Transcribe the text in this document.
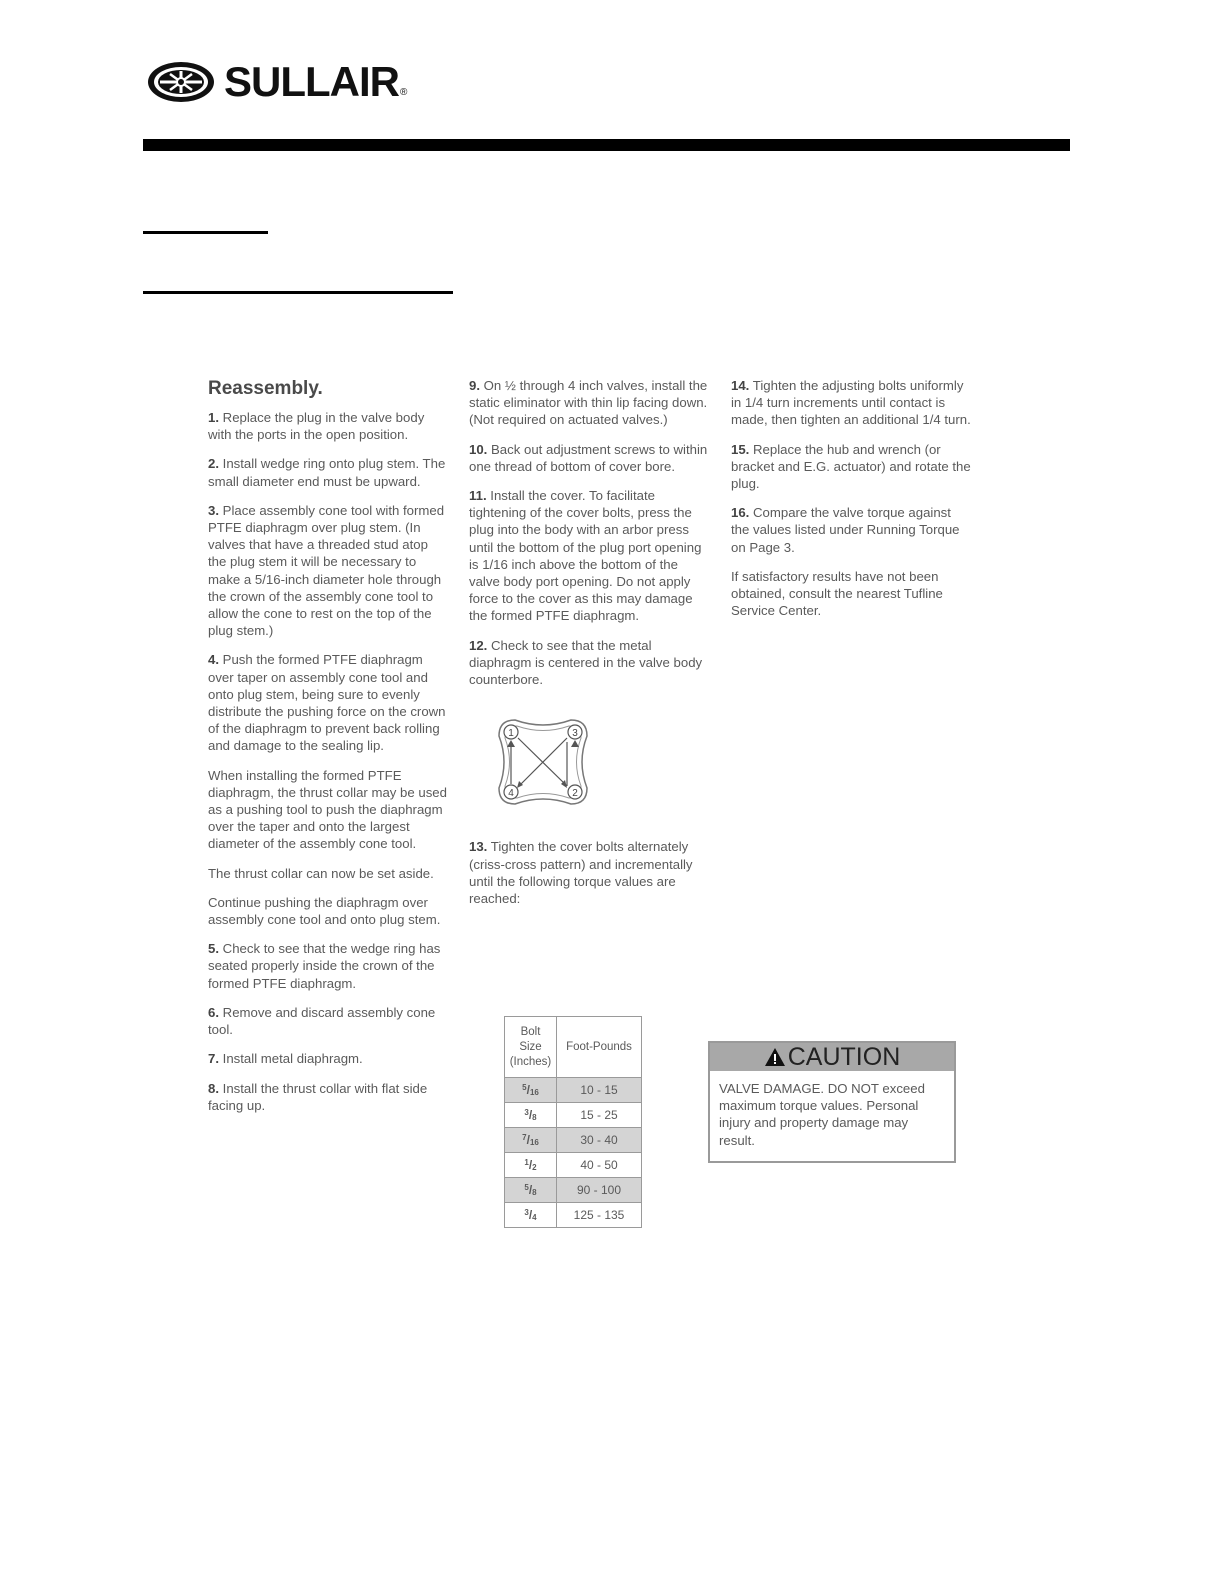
SULLAIR ®
Reassembly.

1. Replace the plug in the valve body with the ports in the open position.

2. Install wedge ring onto plug stem. The small diameter end must be upward.

3. Place assembly cone tool with formed PTFE diaphragm over plug stem. (In valves that have a threaded stud atop the plug stem it will be necessary to make a 5/16-inch diameter hole through the crown of the assembly cone tool to allow the cone to rest on the top of the plug stem.)

4. Push the formed PTFE diaphragm over taper on assembly cone tool and onto plug stem, being sure to evenly distribute the pushing force on the crown of the diaphragm to prevent back rolling and damage to the sealing lip.

When installing the formed PTFE diaphragm, the thrust collar may be used as a pushing tool to push the diaphragm over the taper and onto the largest diameter of the assembly cone tool.

The thrust collar can now be set aside.

Continue pushing the diaphragm over assembly cone tool and onto plug stem.

5. Check to see that the wedge ring has seated properly inside the crown of the formed PTFE diaphragm.

6. Remove and discard assembly cone tool.

7. Install metal diaphragm.

8. Install the thrust collar with flat side facing up.

9. On ½ through 4 inch valves, install the static eliminator with thin lip facing down. (Not required on actuated valves.)

10. Back out adjustment screws to within one thread of bottom of cover bore.

11. Install the cover. To facilitate tightening of the cover bolts, press the plug into the body with an arbor press until the bottom of the plug port opening is 1/16 inch above the bottom of the valve body port opening. Do not apply force to the cover as this may damage the formed PTFE diaphragm.

12. Check to see that the metal diaphragm is centered in the valve body counterbore.

1	3
4	2

13. Tighten the cover bolts alternately (criss-cross pattern) and incrementally until the following torque values are reached:

14. Tighten the adjusting bolts uniformly in 1/4 turn increments until contact is made, then tighten an additional 1/4 turn.

15. Replace the hub and wrench (or bracket and E.G. actuator) and rotate the plug.

16. Compare the valve torque against the values listed under Running Torque on Page 3.

If satisfactory results have not been obtained, consult the nearest Tufline Service Center.

Bolt
Size
(Inches)	Foot-Pounds
$^5/_{16}$	10 - 15
$^3/_8$	15 - 25
$^7/_{16}$	30 - 40
$^1/_2$	40 - 50
$^5/_8$	90 - 100
$^3/_4$	125 - 135
CAUTION
VALVE DAMAGE. DO NOT exceed maximum torque values. Personal injury and property damage may result.
